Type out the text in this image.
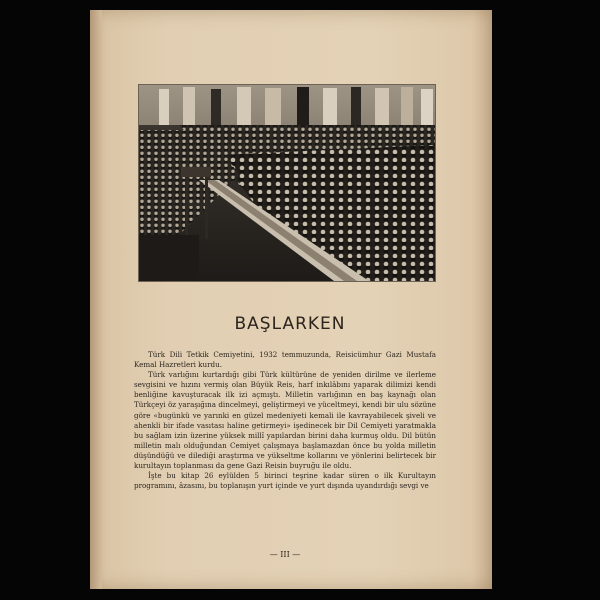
BAŞLARKEN

Türk Dili Tetkik Cemiyetini, 1932 temmuzunda, Reisicümhur Gazi Mustafa Kemal Hazretleri kurdu.

Türk varlığını kurtardığı gibi Türk kültürüne de yeniden dirilme ve ilerleme sevgisini ve hızını vermiş olan Büyük Reis, harf inkılâbını yaparak dilimizi kendi benliğine kavuşturacak ilk izi açmıştı. Milletin varlığının en baş kaynağı olan Türkçeyi öz yaraşığına dincelmeyi, geliştirmeyi ve yüceltmeyi, kendi bir ulu sözüne göre «bugünkü ve yarınki en güzel medeniyeti kemali ile kavrayabilecek şiveli ve ahenkli bir ifade vasıtası haline getirmeyi» işedinecek bir Dil Cemiyeti yaratmakla bu sağlam izin üzerine yüksek millî yapılardan birini daha kurmuş oldu. Dil bütün milletin malı olduğundan Cemiyet çalışmaya başlamazdan önce bu yolda milletin düşündüğü ve dilediği araştırma ve yükseltme kollarını ve yönlerini belirtecek bir kurultayın toplanması da gene Gazi Reisin buyruğu ile oldu.

İşte bu kitap 26 eylülden 5 birinci teşrine kadar süren o ilk Kurultayın programını, âzasını, bu toplanışın yurt içinde ve yurt dışında uyandırdığı sevgi ve

— III —
